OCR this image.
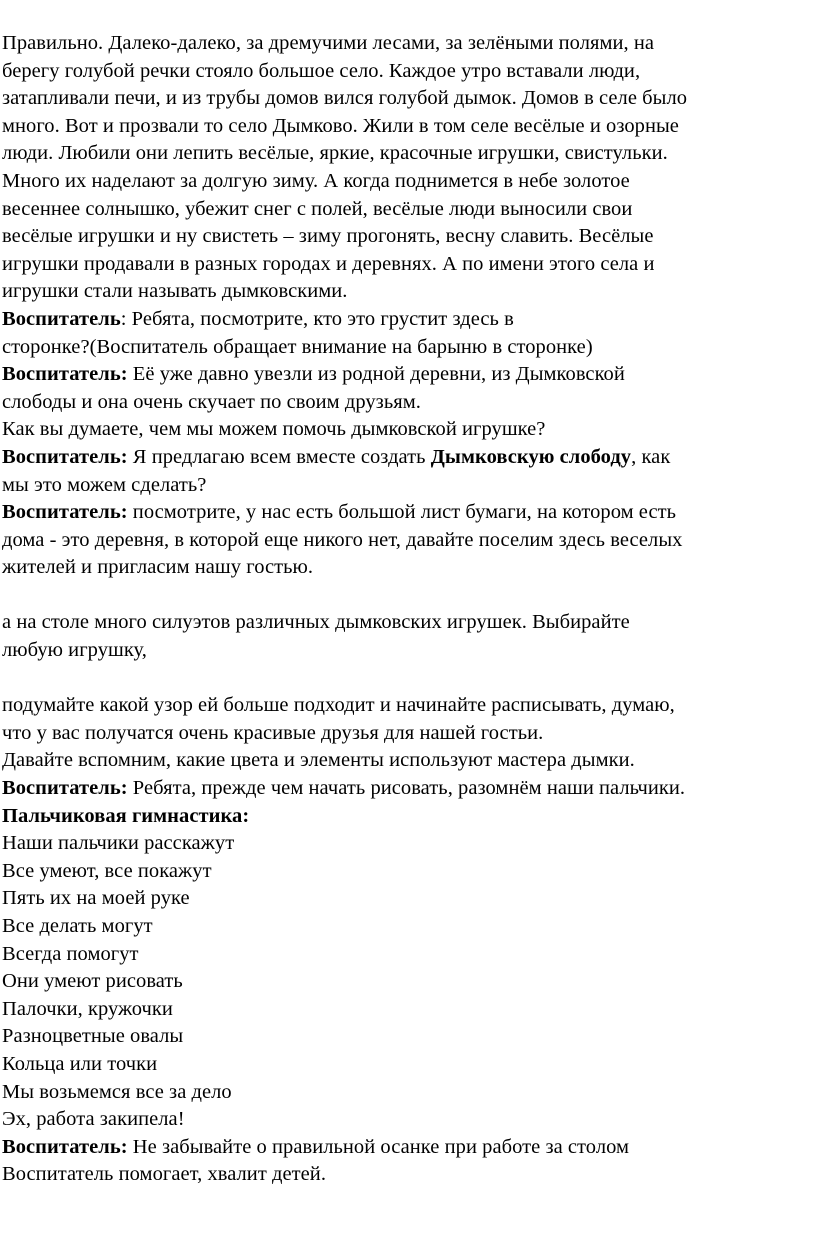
Правильно. Далеко-далеко, за дремучими лесами, за зелёными полями, на
берегу голубой речки стояло большое село. Каждое утро вставали люди,
затапливали печи, и из трубы домов вился голубой дымок. Домов в селе было
много. Вот и прозвали то село Дымково. Жили в том селе весёлые и озорные
люди. Любили они лепить весёлые, яркие, красочные игрушки, свистульки.
Много их наделают за долгую зиму. А когда поднимется в небе золотое
весеннее солнышко, убежит снег с полей, весёлые люди выносили свои
весёлые игрушки и ну свистеть – зиму прогонять, весну славить. Весёлые
игрушки продавали в разных городах и деревнях. А по имени этого села и
игрушки стали называть дымковскими.
Воспитатель: Ребята, посмотрите, кто это грустит здесь в
сторонке?(Воспитатель обращает внимание на барыню в сторонке)
Воспитатель: Её уже давно увезли из родной деревни, из Дымковской
слободы и она очень скучает по своим друзьям.
Как вы думаете, чем мы можем помочь дымковской игрушке?
Воспитатель: Я предлагаю всем вместе создать Дымковскую слободу, как
мы это можем сделать?
Воспитатель: посмотрите, у нас есть большой лист бумаги, на котором есть
дома - это деревня, в которой еще никого нет, давайте поселим здесь веселых
жителей и пригласим нашу гостью.
а на столе много силуэтов различных дымковских игрушек. Выбирайте
любую игрушку,
подумайте какой узор ей больше подходит и начинайте расписывать, думаю,
что у вас получатся очень красивые друзья для нашей гостьи.
Давайте вспомним, какие цвета и элементы используют мастера дымки.
Воспитатель: Ребята, прежде чем начать рисовать, разомнём наши пальчики.
Пальчиковая гимнастика:
Наши пальчики расскажут
Все умеют, все покажут
Пять их на моей руке
Все делать могут
Всегда помогут
Они умеют рисовать
Палочки, кружочки
Разноцветные овалы
Кольца или точки
Мы возьмемся все за дело
Эх, работа закипела!
Воспитатель: Не забывайте о правильной осанке при работе за столом
Воспитатель помогает, хвалит детей.
